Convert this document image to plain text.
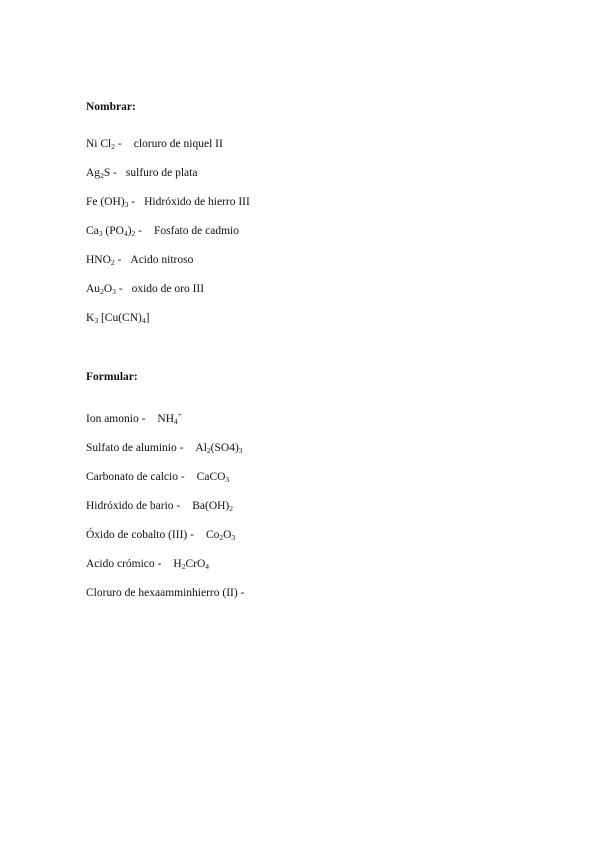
Nombrar:
Ni $Cl_2$ - cloruro de niquel II
$Ag_2S$ - sulfuro de plata
Fe $(OH)_3$ - Hidróxido de hierro III
$Ca_3$ $(PO_4)_2$ - Fosfato de cadmio
$HNO_2$ - Acido nitroso
$Au_2O_3$ - oxido de oro III
$K_3$ $[Cu(CN)_4]$
Formular:
Ion amonio - $NH_4^+$
Sulfato de aluminio - $Al_2(SO4)_3$
Carbonato de calcio - CaCO$_3$
Hidróxido de bario - $Ba(OH)_2$
Óxido de cobalto $(III) - Co_2O_3$
Acido crómico - $H_2CrO_4$
Cloruro de hexaamminhierro (II) -
